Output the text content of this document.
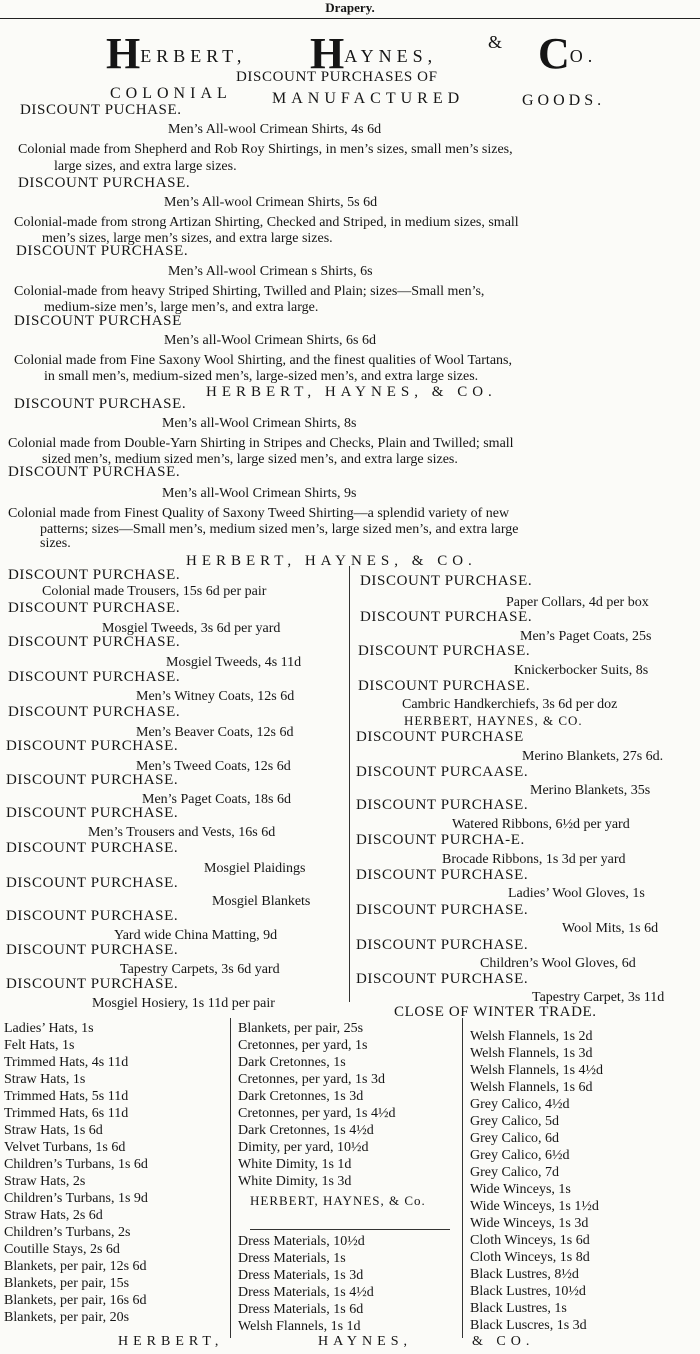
Drapery.
HERBERT, HAYNES,
& CO.
DISCOUNT PURCHASES OF
COLONIAL	MANUFACTURED	GOODS.
DISCOUNT PUCHASE.
Men’s All-wool Crimean Shirts, 4s 6d
Colonial made from Shepherd and Rob Roy Shirtings, in men’s sizes, small men’s sizes,
large sizes, and extra large sizes.
DISCOUNT PURCHASE.
Men’s All-wool Crimean Shirts, 5s 6d
Colonial-made from strong Artizan Shirting, Checked and Striped, in medium sizes, small
men’s sizes, large men’s sizes, and extra large sizes.
DISCOUNT PURCHASE.
Men’s All-wool Crimean s Shirts, 6s
Colonial-made from heavy Striped Shirting, Twilled and Plain; sizes—Small men’s,
medium-size men’s, large men’s, and extra large.
DISCOUNT PURCHASE
Men’s all-Wool Crimean Shirts, 6s 6d
Colonial made from Fine Saxony Wool Shirting, and the finest qualities of Wool Tartans,
in small men’s, medium-sized men’s, large-sized men’s, and extra large sizes.
HERBERT, HAYNES, & CO.
DISCOUNT PURCHASE.
Men’s all-Wool Crimean Shirts, 8s
Colonial made from Double-Yarn Shirting in Stripes and Checks, Plain and Twilled; small
sized men’s, medium sized men’s, large sized men’s, and extra large sizes.
DISCOUNT PURCHASE.
Men’s all-Wool Crimean Shirts, 9s
Colonial made from Finest Quality of Saxony Tweed Shirting—a splendid variety of new
patterns; sizes—Small men’s, medium sized men’s, large sized men’s, and extra large
sizes.
HERBERT, HAYNES, & CO.
DISCOUNT PURCHASE.
Colonial made Trousers, 15s 6d per pair
DISCOUNT PURCHASE.
Mosgiel Tweeds, 3s 6d per yard
DISCOUNT PURCHASE.
Mosgiel Tweeds, 4s 11d
DISCOUNT PURCHASE.
Men’s Witney Coats, 12s 6d
DISCOUNT PURCHASE.
Men’s Beaver Coats, 12s 6d
DISCOUNT PURCHASE.
Men’s Tweed Coats, 12s 6d
DISCOUNT PURCHASE.
Men’s Paget Coats, 18s 6d
DISCOUNT PURCHASE.
Men’s Trousers and Vests, 16s 6d
DISCOUNT PURCHASE.
Mosgiel Plaidings
DISCOUNT PURCHASE.
Mosgiel Blankets
DISCOUNT PURCHASE.
Yard wide China Matting, 9d
DISCOUNT PURCHASE.
Tapestry Carpets, 3s 6d yard
DISCOUNT PURCHASE.
Mosgiel Hosiery, 1s 11d per pair
DISCOUNT PURCHASE.
Paper Collars, 4d per box
DISCOUNT PURCHASE.
Men’s Paget Coats, 25s
DISCOUNT PURCHASE.
Knickerbocker Suits, 8s
DISCOUNT PURCHASE.
Cambric Handkerchiefs, 3s 6d per doz
HERBERT, HAYNES, & CO.
DISCOUNT PURCHASE
Merino Blankets, 27s 6d.
DISCOUNT PURCAASE.
Merino Blankets, 35s
DISCOUNT PURCHASE.
Watered Ribbons, 6½d per yard
DISCOUNT PURCHA-E.
Brocade Ribbons, 1s 3d per yard
DISCOUNT PURCHASE.
Ladies’ Wool Gloves, 1s
DISCOUNT PURCHASE.
Wool Mits, 1s 6d
DISCOUNT PURCHASE.
Children’s Wool Gloves, 6d
DISCOUNT PURCHASE.
Tapestry Carpet, 3s 11d
CLOSE OF WINTER TRADE.
Ladies’ Hats, 1s
Felt Hats, 1s
Trimmed Hats, 4s 11d
Straw Hats, 1s
Trimmed Hats, 5s 11d
Trimmed Hats, 6s 11d
Straw Hats, 1s 6d
Velvet Turbans, 1s 6d
Children’s Turbans, 1s 6d
Straw Hats, 2s
Children’s Turbans, 1s 9d
Straw Hats, 2s 6d
Children’s Turbans, 2s
Coutille Stays, 2s 6d
Blankets, per pair, 12s 6d
Blankets, per pair, 15s
Blankets, per pair, 16s 6d
Blankets, per pair, 20s
Blankets, per pair, 25s
Cretonnes, per yard, 1s
Dark Cretonnes, 1s
Cretonnes, per yard, 1s 3d
Dark Cretonnes, 1s 3d
Cretonnes, per yard, 1s 4½d
Dark Cretonnes, 1s 4½d
Dimity, per yard, 10½d
White Dimity, 1s 1d
White Dimity, 1s 3d
HERBERT, HAYNES, & Co.
Dress Materials, 10½d
Dress Materials, 1s
Dress Materials, 1s 3d
Dress Materials, 1s 4½d
Dress Materials, 1s 6d
Welsh Flannels, 1s 1d
Welsh Flannels, 1s 2d
Welsh Flannels, 1s 3d
Welsh Flannels, 1s 4½d
Welsh Flannels, 1s 6d
Grey Calico, 4½d
Grey Calico, 5d
Grey Calico, 6d
Grey Calico, 6½d
Grey Calico, 7d
Wide Winceys, 1s
Wide Winceys, 1s 1½d
Wide Winceys, 1s 3d
Cloth Winceys, 1s 6d
Cloth Winceys, 1s 8d
Black Lustres, 8½d
Black Lustres, 10½d
Black Lustres, 1s
Black Luscres, 1s 3d
HERBERT,	HAYNES,	& CO.
